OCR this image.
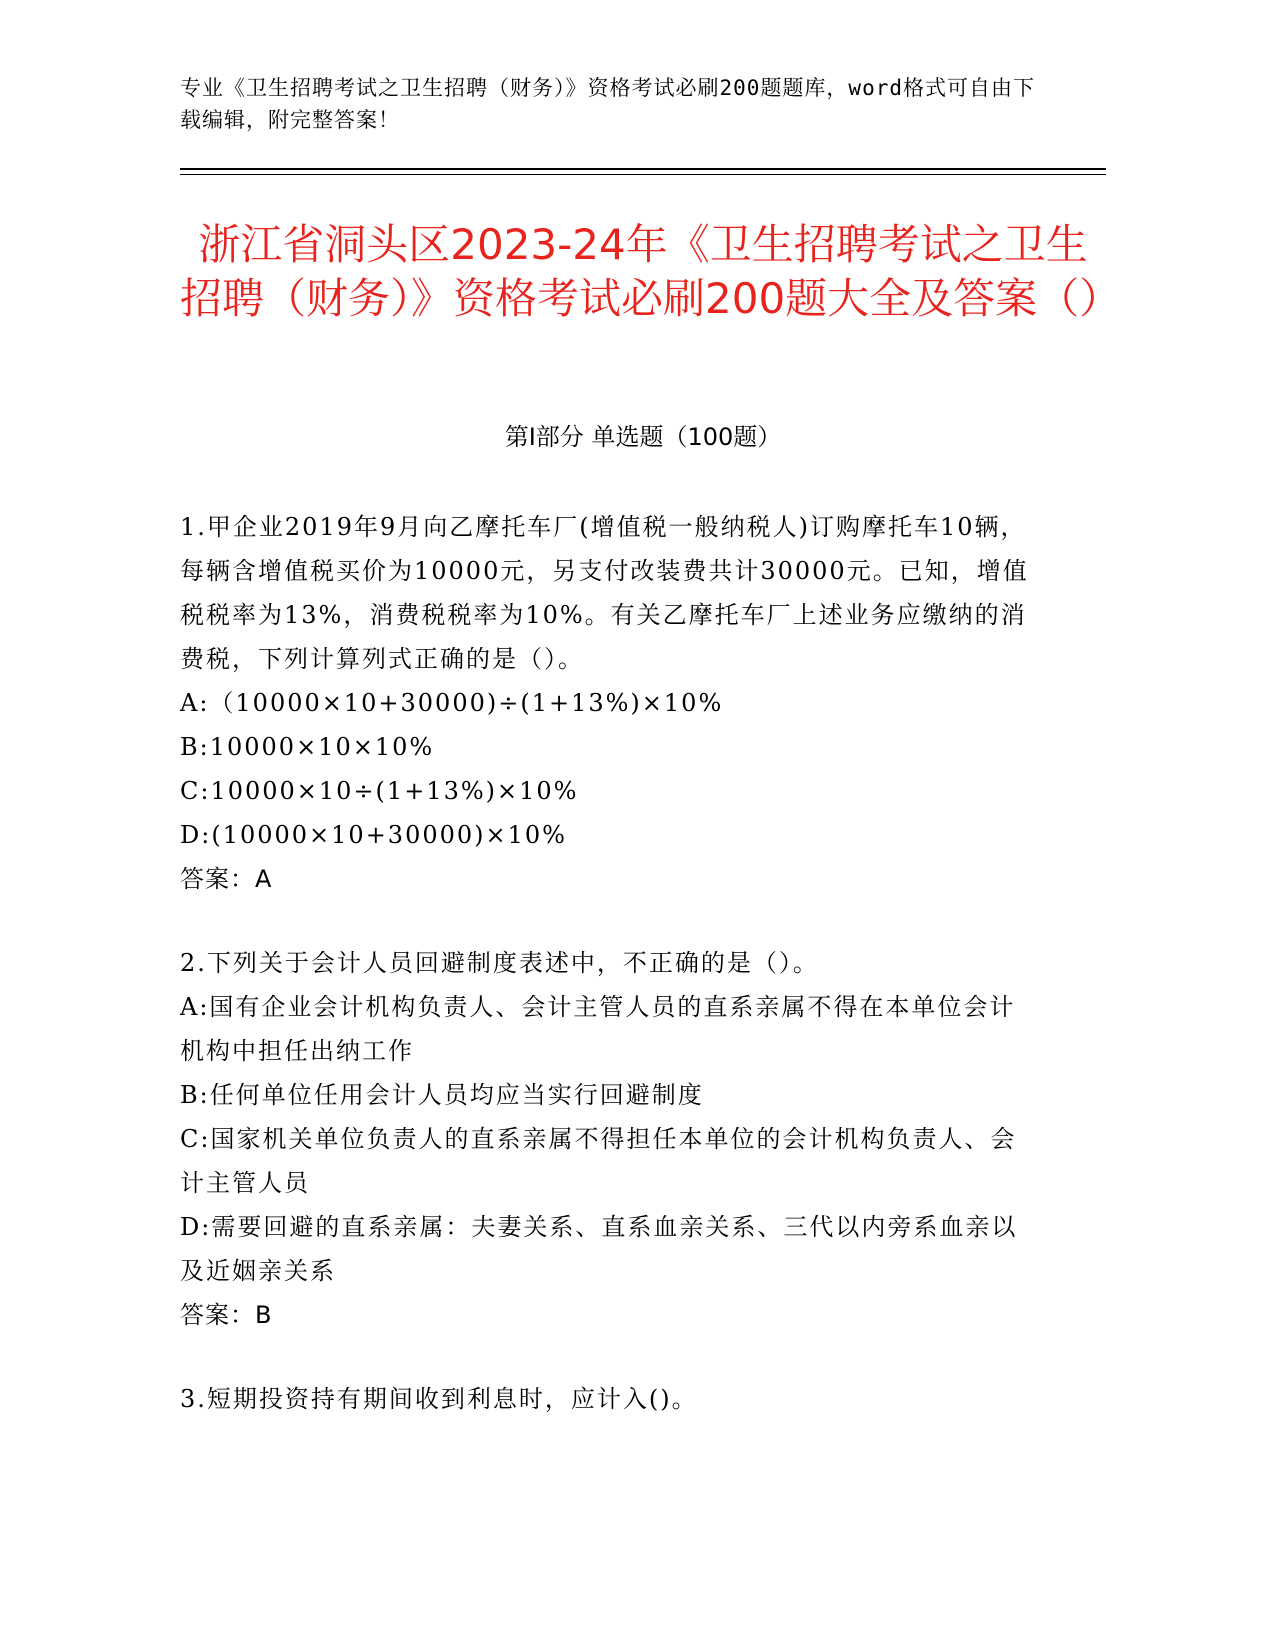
专业《卫生招聘考试之卫生招聘（财务）》资格考试必刷200题题库，word格式可自由下载编辑，附完整答案！
浙江省洞头区2023-24年《卫生招聘考试之卫生招聘（财务）》资格考试必刷200题大全及答案（）
第I部分 单选题（100题）

1.甲企业2019年9月向乙摩托车厂(增值税一般纳税人)订购摩托车10辆，每辆含增值税买价为10000元，另支付改装费共计30000元。已知，增值税税率为13%，消费税税率为10%。有关乙摩托车厂上述业务应缴纳的消费税，下列计算列式正确的是（）。

A:（10000×10+30000)÷(1+13%)×10%

B:10000×10×10%

C:10000×10÷(1+13%)×10%

D:(10000×10+30000)×10%

答案：A

2.下列关于会计人员回避制度表述中，不正确的是（）。

A:国有企业会计机构负责人、会计主管人员的直系亲属不得在本单位会计机构中担任出纳工作

B:任何单位任用会计人员均应当实行回避制度

C:国家机关单位负责人的直系亲属不得担任本单位的会计机构负责人、会计主管人员

D:需要回避的直系亲属：夫妻关系、直系血亲关系、三代以内旁系血亲以及近姻亲关系

答案：B

3.短期投资持有期间收到利息时，应计入()。
